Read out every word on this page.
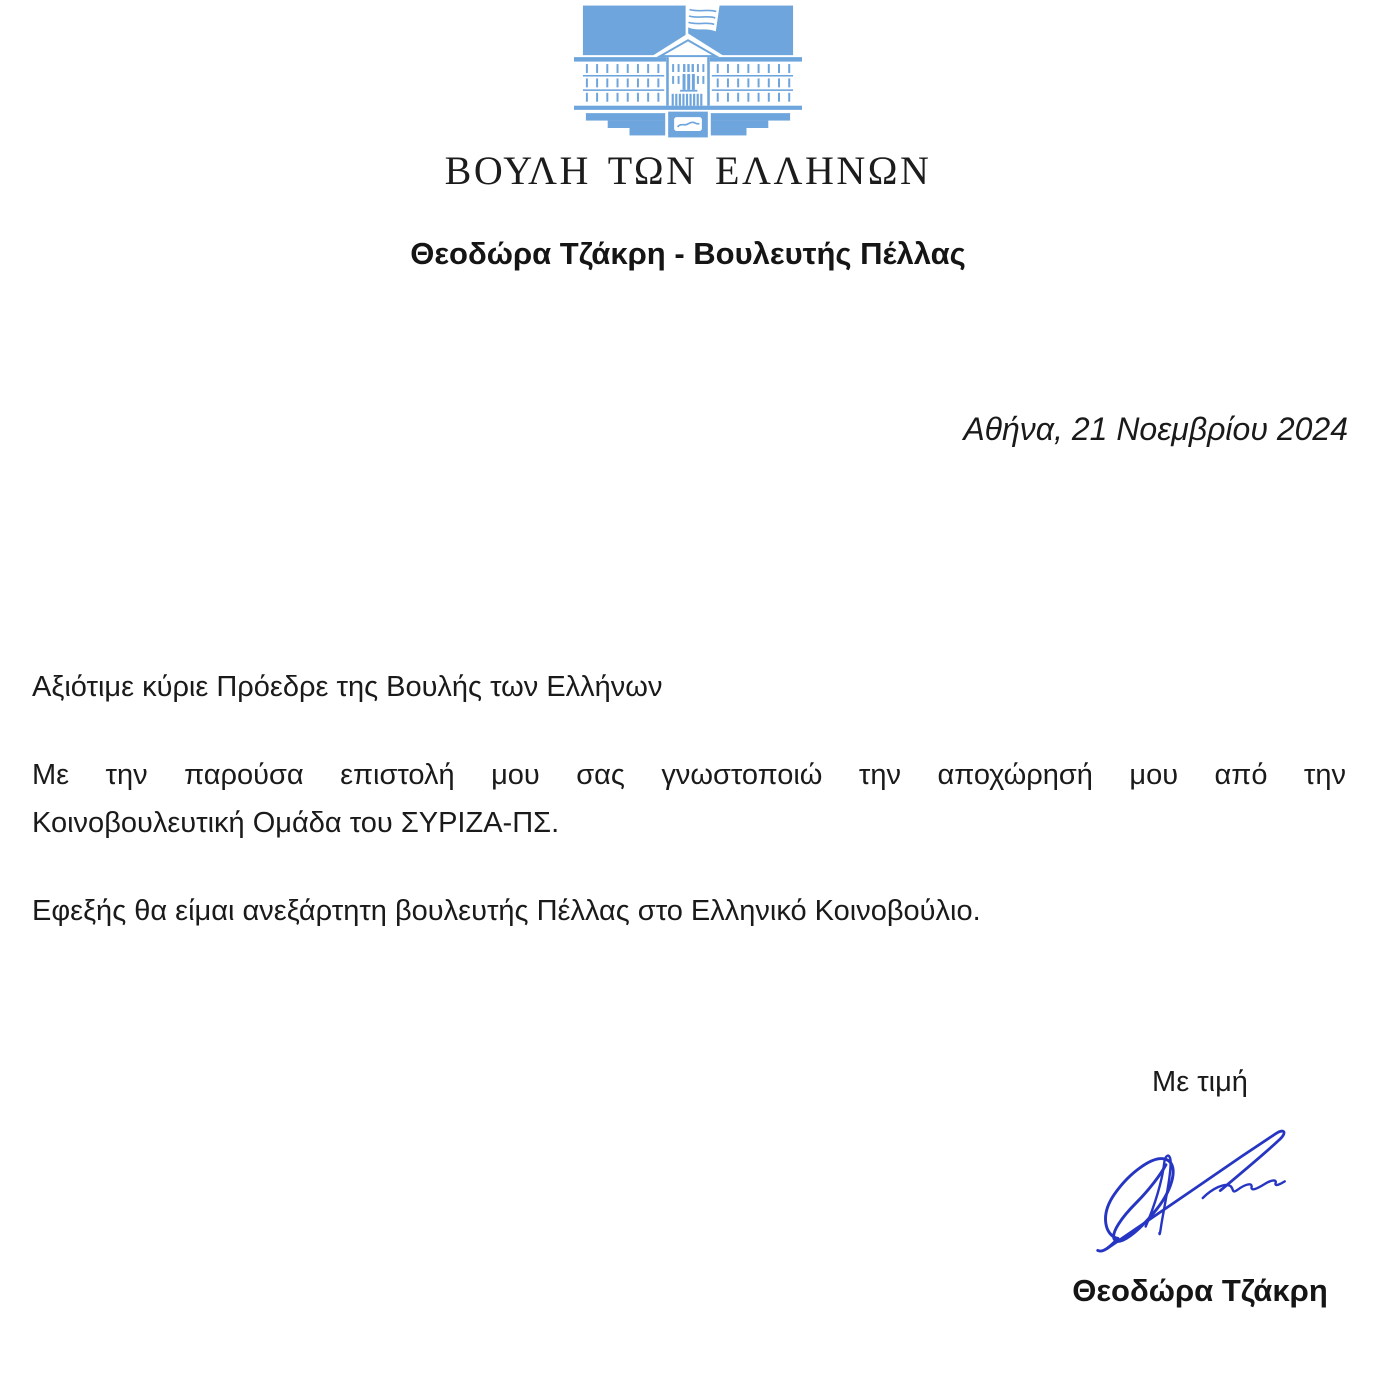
ΒΟΥΛΗ ΤΩΝ ΕΛΛΗΝΩΝ
Θεοδώρα Τζάκρη - Βουλευτής Πέλλας
Αθήνα, 21 Νοεμβρίου 2024

Αξιότιμε κύριε Πρόεδρε της Βουλής των Ελλήνων

Με την παρούσα επιστολή μου σας γνωστοποιώ την αποχώρησή μου από την
Κοινοβουλευτική Ομάδα του ΣΥΡΙΖΑ-ΠΣ.

Εφεξής θα είμαι ανεξάρτητη βουλευτής Πέλλας στο Ελληνικό Κοινοβούλιο.

Με τιμή
Θεοδώρα Τζάκρη
